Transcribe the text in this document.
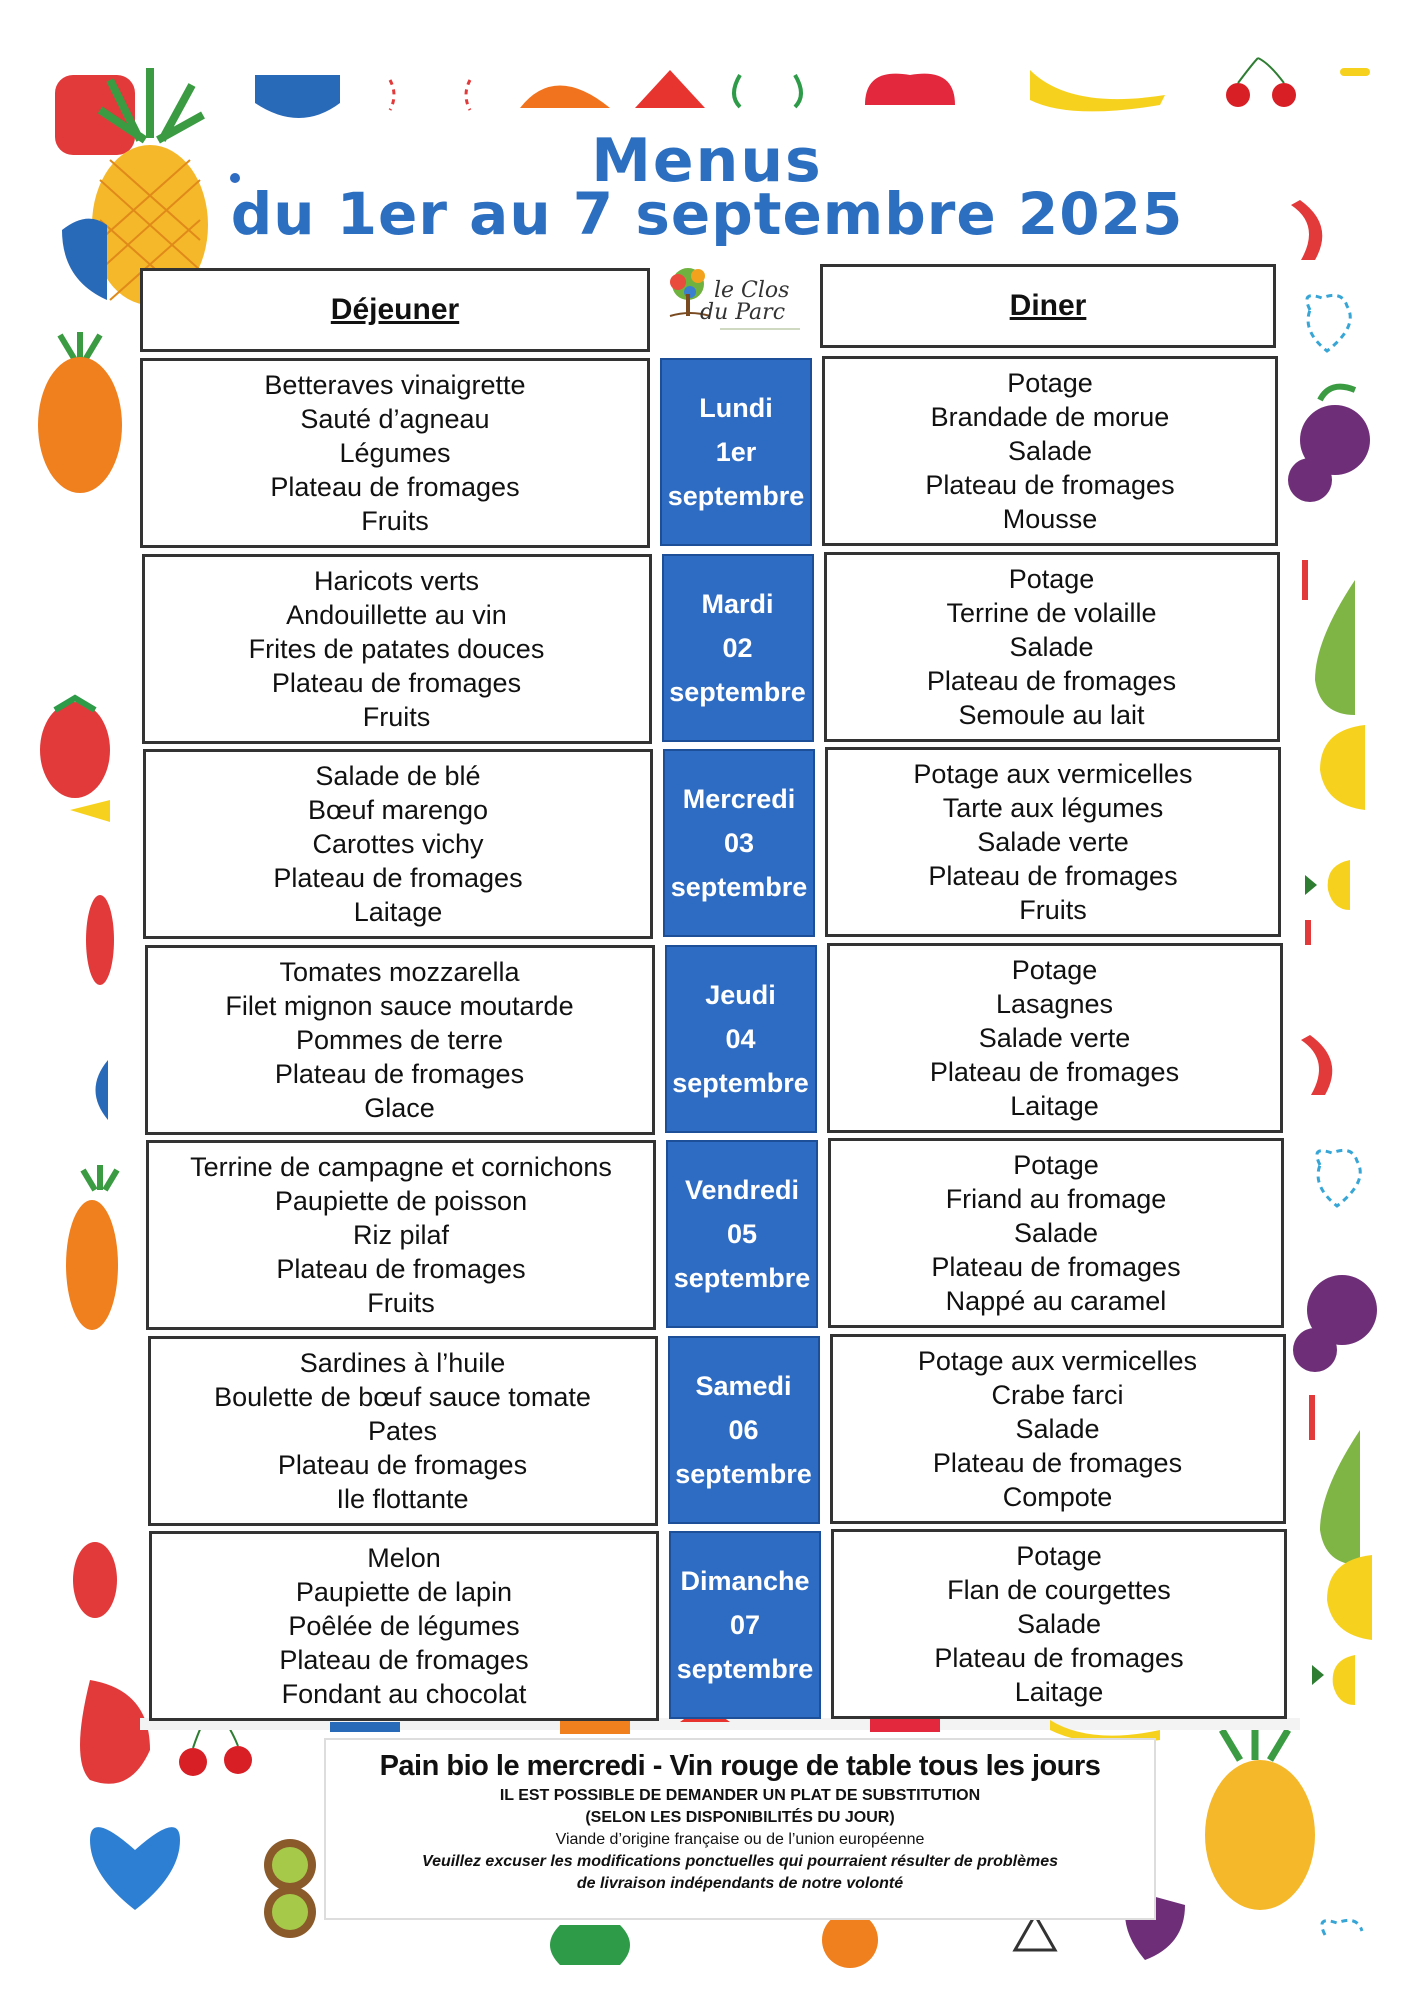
Menus
du 1er au 7 septembre 2025
Déjeuner
le Clos
du Parc	Diner
Betteraves vinaigrette
Sauté d’agneau
Légumes
Plateau de fromages
Fruits
Lundi
1er
septembre
Potage
Brandade de morue
Salade
Plateau de fromages
Mousse
Haricots verts
Andouillette au vin
Frites de patates douces
Plateau de fromages
Fruits
Mardi
02
septembre
Potage
Terrine de volaille
Salade
Plateau de fromages
Semoule au lait
Salade de blé
Bœuf marengo
Carottes vichy
Plateau de fromages
Laitage
Mercredi
03
septembre
Potage aux vermicelles
Tarte aux légumes
Salade verte
Plateau de fromages
Fruits
Tomates mozzarella
Filet mignon sauce moutarde
Pommes de terre
Plateau de fromages
Glace
Jeudi
04
septembre
Potage
Lasagnes
Salade verte
Plateau de fromages
Laitage
Terrine de campagne et cornichons
Paupiette de poisson
Riz pilaf
Plateau de fromages
Fruits
Vendredi
05
septembre
Potage
Friand au fromage
Salade
Plateau de fromages
Nappé au caramel
Sardines à l’huile
Boulette de bœuf sauce tomate
Pates
Plateau de fromages
Ile flottante
Samedi
06
septembre
Potage aux vermicelles
Crabe farci
Salade
Plateau de fromages
Compote
Melon
Paupiette de lapin
Poêlée de légumes
Plateau de fromages
Fondant au chocolat
Dimanche
07
septembre
Potage
Flan de courgettes
Salade
Plateau de fromages
Laitage
Pain bio le mercredi - Vin rouge de table tous les jours
IL EST POSSIBLE DE DEMANDER UN PLAT DE SUBSTITUTION
(SELON LES DISPONIBILITÉS DU JOUR)
Viande d’origine française ou de l’union européenne
Veuillez excuser les modifications ponctuelles qui pourraient résulter de problèmes
de livraison indépendants de notre volonté
